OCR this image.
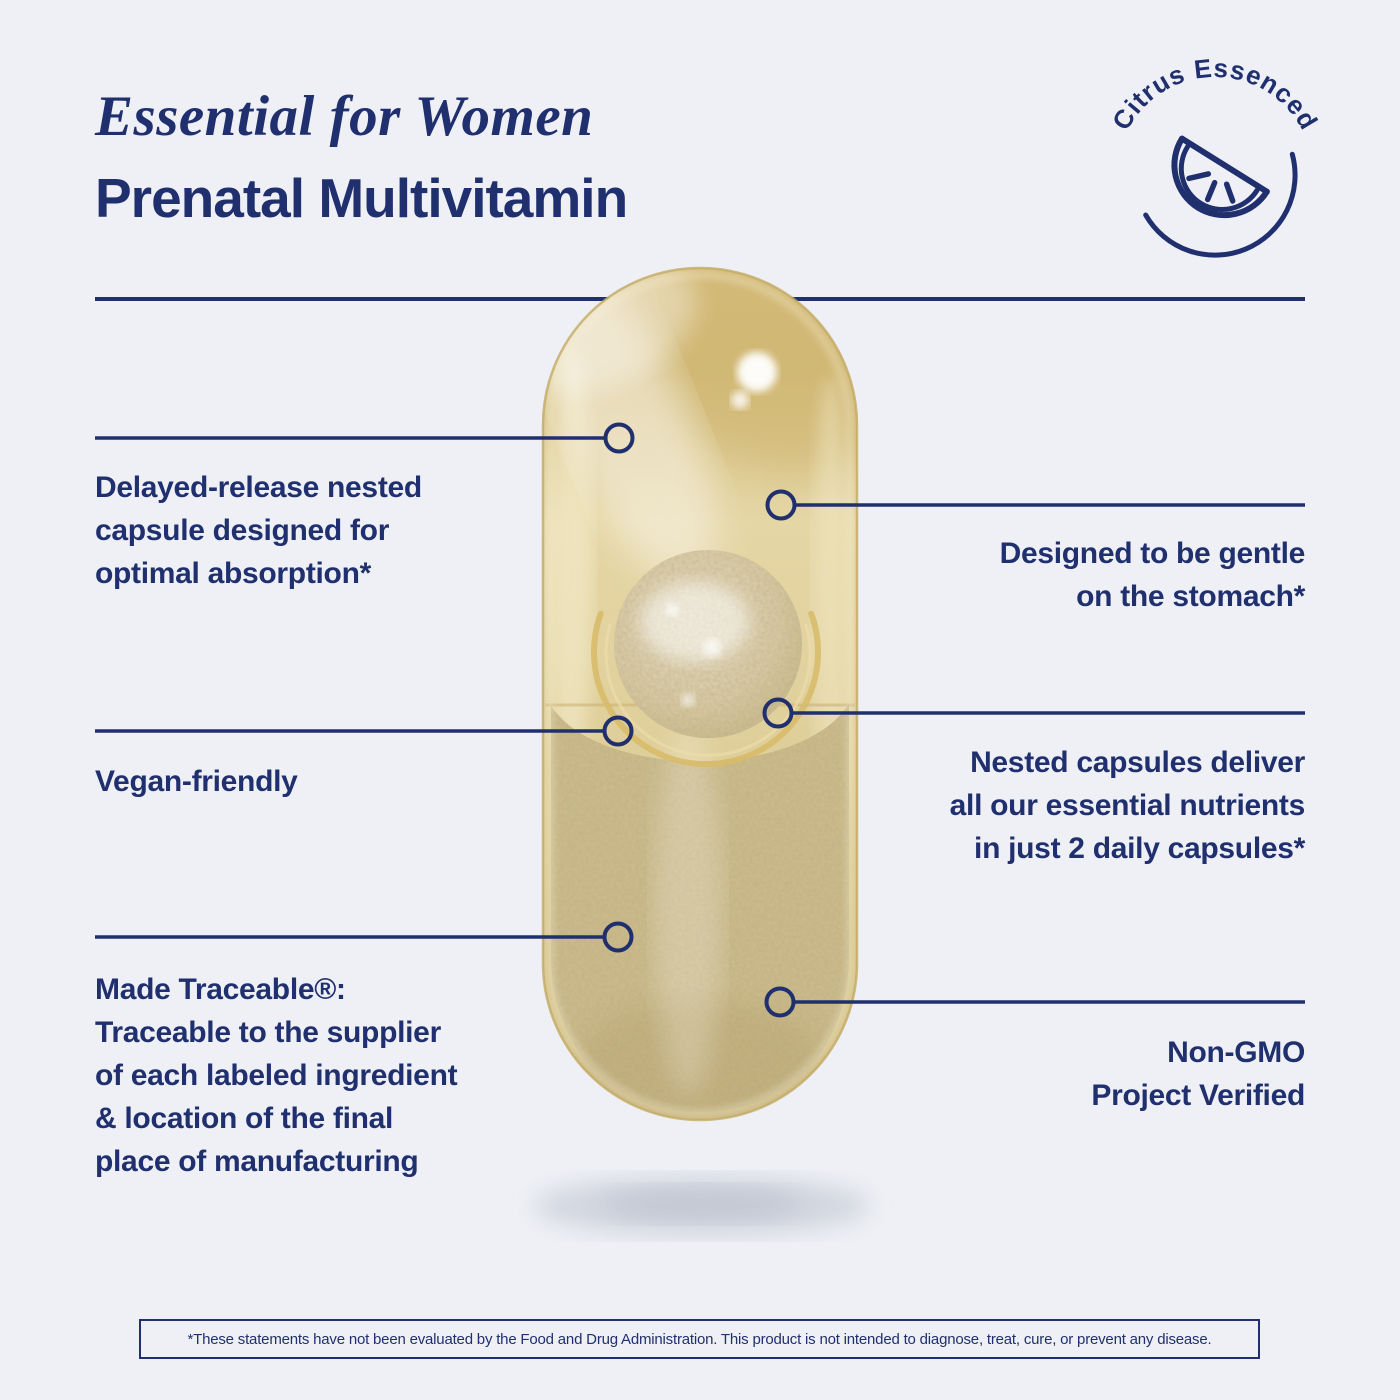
Essential for Women
Prenatal Multivitamin
Citrus Essenced
Delayed-release nested
capsule designed for
optimal absorption*
Designed to be gentle
on the stomach*
Vegan-friendly
Nested capsules deliver
all our essential nutrients
in just 2 daily capsules*
Made Traceable®:
Traceable to the supplier
of each labeled ingredient
& location of the final
place of manufacturing
Non-GMO
Project Verified
*These statements have not been evaluated by the Food and Drug Administration. This product is not intended to diagnose, treat, cure, or prevent any disease.
